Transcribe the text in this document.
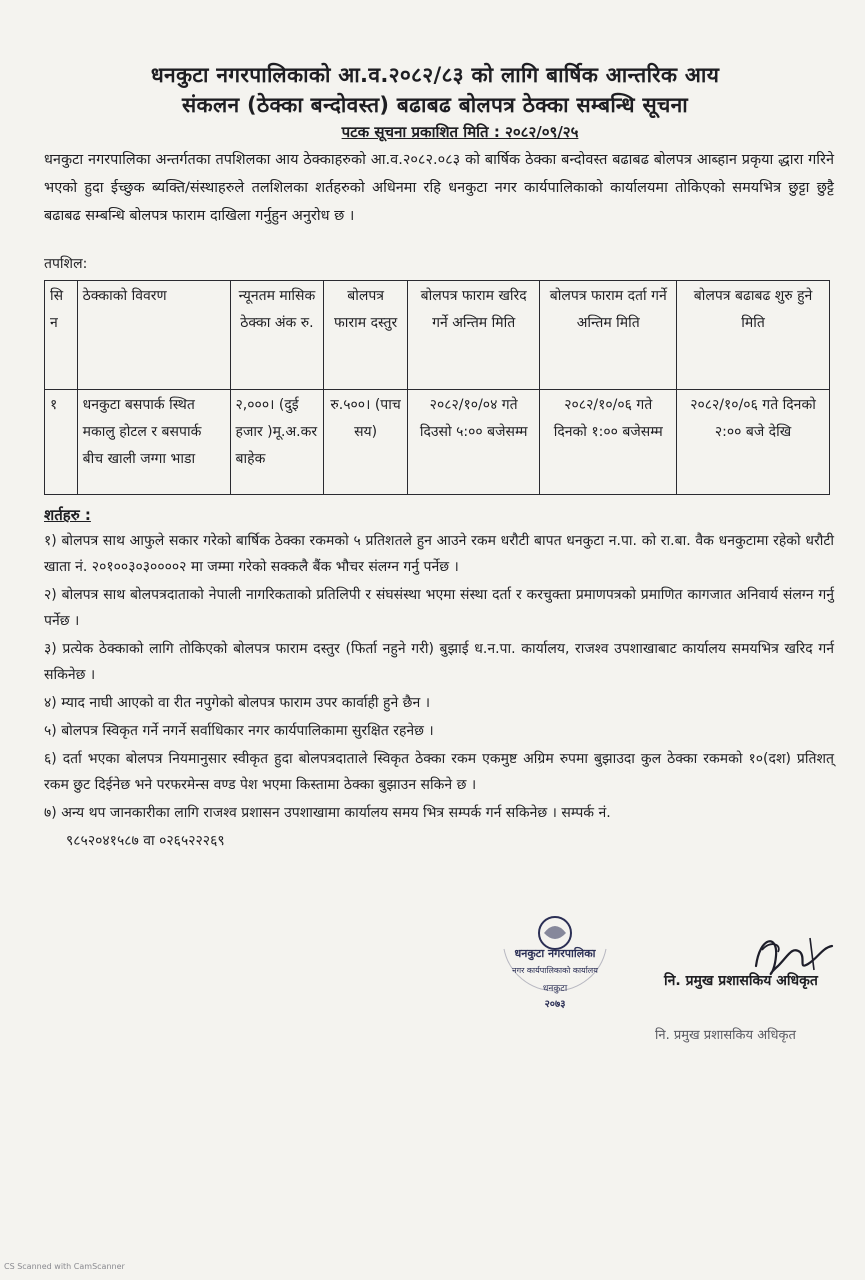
धनकुटा नगरपालिकाको आ.व.२०८२/८३ को लागि बार्षिक आन्तरिक आय
संकलन (ठेक्का बन्दोवस्त) बढाबढ बोलपत्र ठेक्का सम्बन्धि सूचना
पटक सूचना प्रकाशित मिति : २०८२/०९/२५
धनकुटा नगरपालिका अन्तर्गतका तपशिलका आय ठेक्काहरुको आ.व.२०८२.०८३ को बार्षिक ठेक्का बन्दोवस्त बढाबढ बोलपत्र आब्हान प्रकृया द्धारा गरिने भएको हुदा ईच्छुक ब्यक्ति/संस्थाहरुले तलशिलका शर्तहरुको अधिनमा रहि धनकुटा नगर कार्यपालिकाको कार्यालयमा तोकिएको समयभित्र छुट्टा छुट्टै बढाबढ सम्बन्धि बोलपत्र फाराम दाखिला गर्नुहुन अनुरोध छ ।
तपशिल:
सि न	ठेक्काको विवरण	न्यूनतम मासिक ठेक्का अंक रु.	बोलपत्र फाराम दस्तुर	बोलपत्र फाराम खरिद गर्ने अन्तिम मिति	बोलपत्र फाराम दर्ता गर्ने अन्तिम मिति	बोलपत्र बढाबढ शुरु हुने मिति
१	धनकुटा बसपार्क स्थित मकालु होटल र बसपार्क बीच खाली जग्गा भाडा	२,०००। (दुई हजार )मू.अ.कर बाहेक	रु.५००। (पाच सय)	२०८२/१०/०४ गते दिउसो ५:०० बजेसम्म	२०८२/१०/०६ गते दिनको १:०० बजेसम्म	२०८२/१०/०६ गते दिनको २:०० बजे देखि
शर्तहरु :
१) बोलपत्र साथ आफुले सकार गरेको बार्षिक ठेक्का रकमको ५ प्रतिशतले हुन आउने रकम धरौटी बापत धनकुटा न.पा. को रा.बा. वैक धनकुटामा रहेको धरौटी खाता नं. २०१००३०३००००२ मा जम्मा गरेको सक्कलै बैंक भौचर संलग्न गर्नु पर्नेछ ।
२) बोलपत्र साथ बोलपत्रदाताको नेपाली नागरिकताको प्रतिलिपी र संघसंस्था भएमा संस्था दर्ता र करचुक्ता प्रमाणपत्रको प्रमाणित कागजात अनिवार्य संलग्न गर्नु पर्नेछ ।
३) प्रत्येक ठेक्काको लागि तोकिएको बोलपत्र फाराम दस्तुर (फिर्ता नहुने गरी) बुझाई ध.न.पा. कार्यालय, राजश्व उपशाखाबाट कार्यालय समयभित्र खरिद गर्न सकिनेछ ।
४) म्याद नाघी आएको वा रीत नपुगेको बोलपत्र फाराम उपर कार्वाही हुने छैन ।
५) बोलपत्र स्विकृत गर्ने नगर्ने सर्वाधिकार नगर कार्यपालिकामा सुरक्षित रहनेछ ।
६) दर्ता भएका बोलपत्र नियमानुसार स्वीकृत हुदा बोलपत्रदाताले स्विकृत ठेक्का रकम एकमुष्ट अग्रिम रुपमा बुझाउदा कुल ठेक्का रकमको १०(दश) प्रतिशत् रकम छुट दिईनेछ भने परफरमेन्स वण्ड पेश भएमा किस्तामा ठेक्का बुझाउन सकिने छ ।
७) अन्य थप जानकारीका लागि राजश्व प्रशासन उपशाखामा कार्यालय समय भित्र सम्पर्क गर्न सकिनेछ । सम्पर्क नं.
९८५२०४१५८७ वा ०२६५२२२६९
धनकुटा नगरपालिका
नगर कार्यपालिकाको कार्यालय
धनकुटा
२०७३
नि. प्रमुख प्रशासकिय अधिकृत
नि. प्रमुख प्रशासकिय अधिकृत
CS Scanned with CamScanner
